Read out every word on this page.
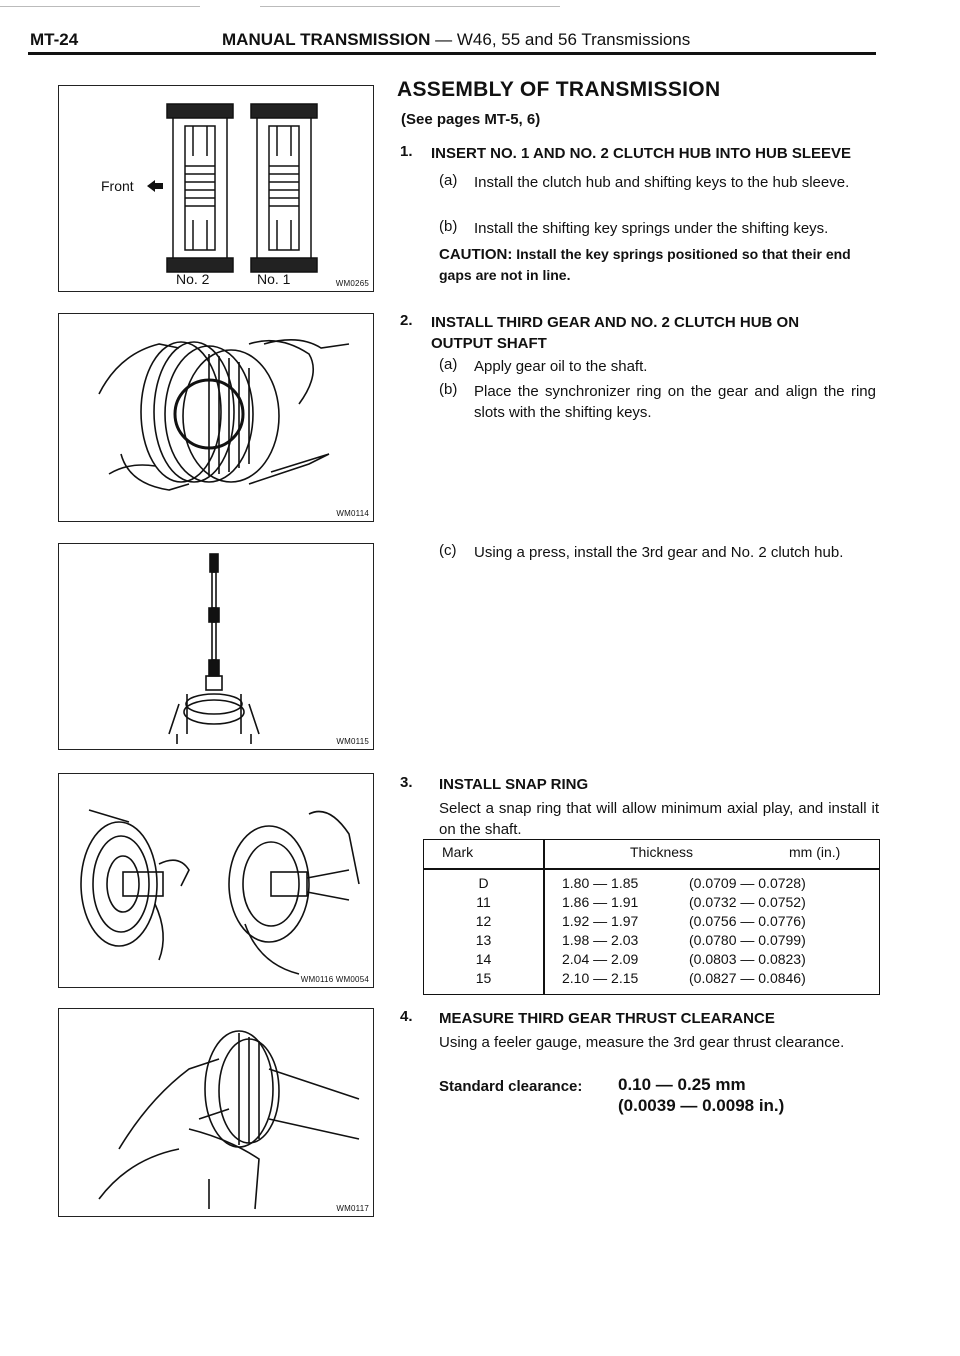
MT-24	MANUAL TRANSMISSION — W46, 55 and 56 Transmissions
Front
No. 2	No. 1	WM0265
WM0114
WM0115
WM0116 WM0054
WM0117
ASSEMBLY OF TRANSMISSION
(See pages MT-5, 6)
1. INSERT NO. 1 AND NO. 2 CLUTCH HUB INTO HUB SLEEVE
(a) Install the clutch hub and shifting keys to the hub sleeve.
(b) Install the shifting key springs under the shifting keys.
CAUTION: Install the key springs positioned so that their end gaps are not in line.
2. INSTALL THIRD GEAR AND NO. 2 CLUTCH HUB ON OUTPUT SHAFT
(a) Apply gear oil to the shaft.
(b) Place the synchronizer ring on the gear and align the ring slots with the shifting keys.
(c) Using a press, install the 3rd gear and No. 2 clutch hub.
3. INSTALL SNAP RING
Select a snap ring that will allow minimum axial play, and install it on the shaft.
Mark	Thickness	mm (in.)
D	1.80 — 1.85	(0.0709 — 0.0728)
11	1.86 — 1.91	(0.0732 — 0.0752)
12	1.92 — 1.97	(0.0756 — 0.0776)
13	1.98 — 2.03	(0.0780 — 0.0799)
14	2.04 — 2.09	(0.0803 — 0.0823)
15	2.10 — 2.15	(0.0827 — 0.0846)
4. MEASURE THIRD GEAR THRUST CLEARANCE
Using a feeler gauge, measure the 3rd gear thrust clearance.
Standard clearance: 0.10 — 0.25 mm
(0.0039 — 0.0098 in.)
